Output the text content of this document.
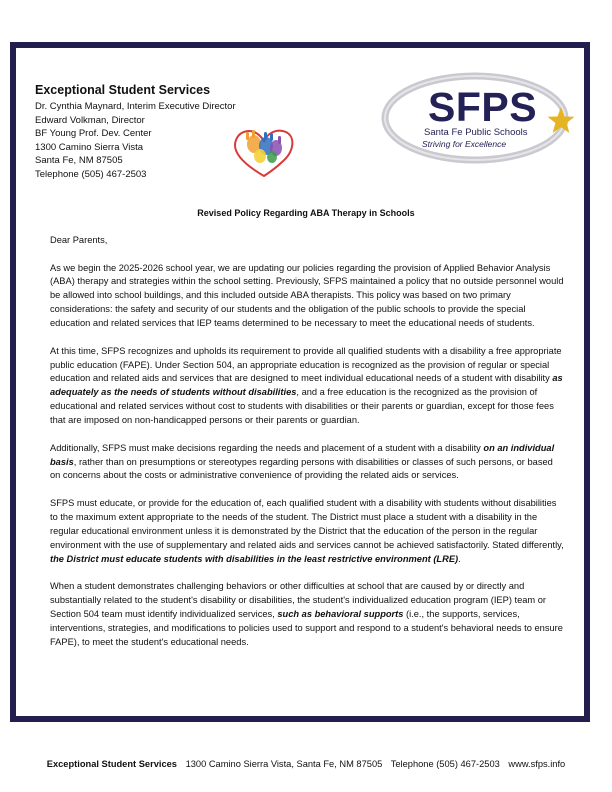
Exceptional Student Services
Dr. Cynthia Maynard, Interim Executive Director
Edward Volkman, Director
BF Young Prof. Dev. Center
1300 Camino Sierra Vista
Santa Fe, NM 87505
Telephone (505) 467-2503
SFPS
Santa Fe Public Schools
Striving for Excellence
Revised Policy Regarding ABA Therapy in Schools

Dear Parents,

As we begin the 2025-2026 school year, we are updating our policies regarding the provision of Applied Behavior Analysis (ABA) therapy and strategies within the school setting. Previously, SFPS maintained a policy that no outside personnel would be allowed into school buildings, and this included outside ABA therapists. This policy was based on two primary considerations: the safety and security of our students and the obligation of the public schools to provide the special education and related services that IEP teams determined to be necessary to meet the educational needs of students.

At this time, SFPS recognizes and upholds its requirement to provide all qualified students with a disability a free appropriate public education (FAPE). Under Section 504, an appropriate education is recognized as the provision of regular or special education and related aids and services that are designed to meet individual educational needs of a student with disability as adequately as the needs of students without disabilities, and a free education is the recognized as the provision of educational and related services without cost to students with disabilities or their parents or guardian, except for those fees that are imposed on non-handicapped persons or their parents or guardian.

Additionally, SFPS must make decisions regarding the needs and placement of a student with a disability on an individual basis, rather than on presumptions or stereotypes regarding persons with disabilities or classes of such persons, or based on concerns about the costs or administrative convenience of providing the related aids or services.

SFPS must educate, or provide for the education of, each qualified student with a disability with students without disabilities to the maximum extent appropriate to the needs of the student. The District must place a student with a disability in the regular educational environment unless it is demonstrated by the District that the education of the person in the regular environment with the use of supplementary and related aids and services cannot be achieved satisfactorily. Stated differently, the District must educate students with disabilities in the least restrictive environment (LRE).

When a student demonstrates challenging behaviors or other difficulties at school that are caused by or directly and substantially related to the student's disability or disabilities, the student's individualized education program (IEP) team or Section 504 team must identify individualized services, such as behavioral supports (i.e., the supports, services, interventions, strategies, and modifications to policies used to support and respond to a student's behavioral needs to ensure FAPE), to meet the student's educational needs.

Exceptional Student Services 1300 Camino Sierra Vista, Santa Fe, NM 87505 Telephone (505) 467-2503 www.sfps.info
